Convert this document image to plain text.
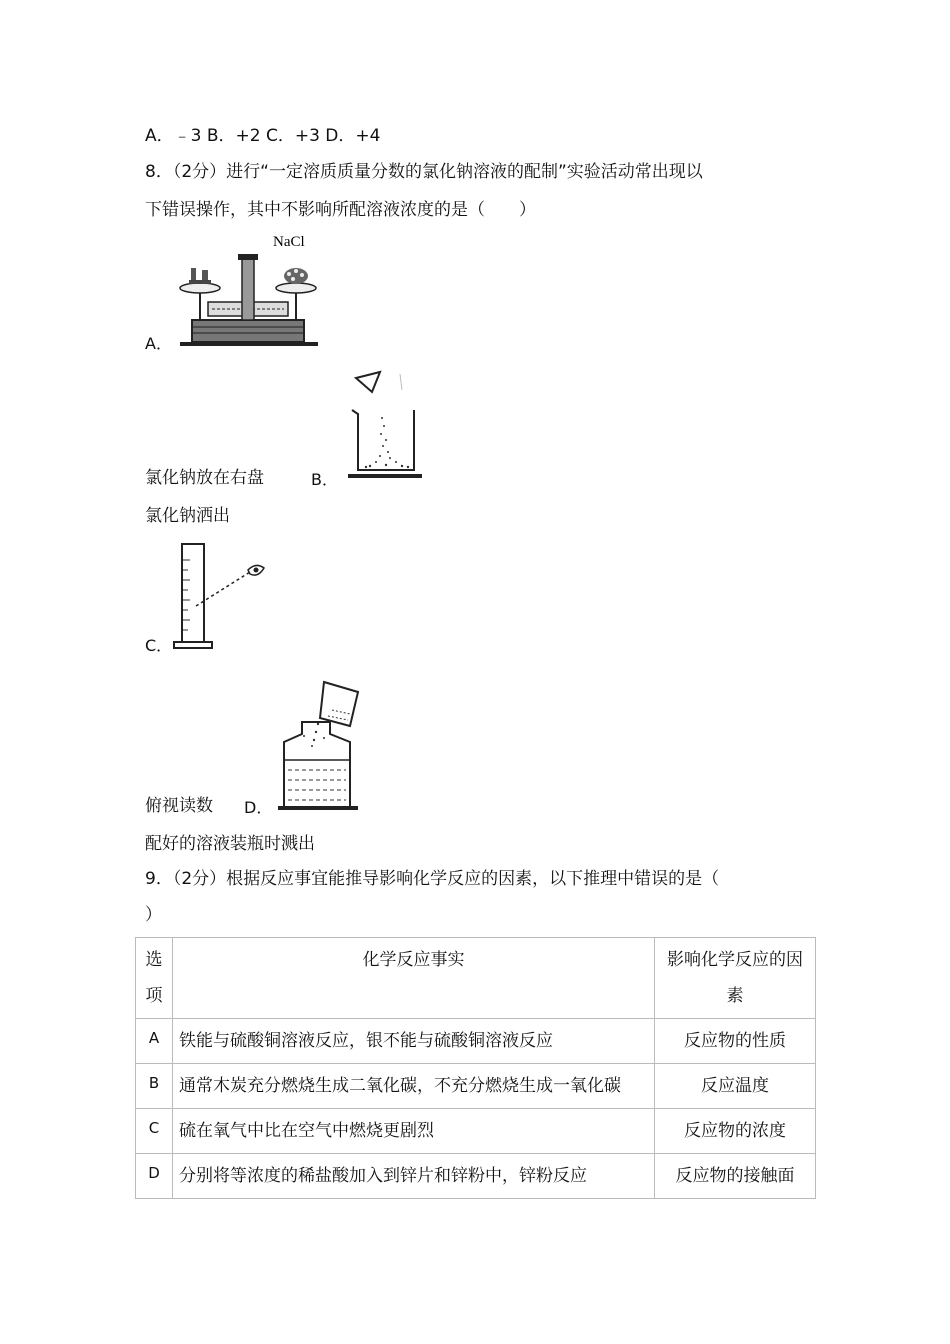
A．﹣3 B．+2 C．+3 D．+4
8．（2分）进行“一定溶质质量分数的氯化钠溶液的配制”实验活动常出现以
下错误操作，其中不影响所配溶液浓度的是（　　）
NaCl
A．
氯化钠放在右盘	B．
氯化钠洒出
C．
俯视读数 D．
配好的溶液装瓶时溅出
9．（2分）根据反应事宜能推导影响化学反应的因素，以下推理中错误的是（
）
选项	化学反应事实	影响化学反应的因素
A	铁能与硫酸铜溶液反应，银不能与硫酸铜溶液反应	反应物的性质
B	通常木炭充分燃烧生成二氧化碳，不充分燃烧生成一氧化碳	反应温度
C	硫在氧气中比在空气中燃烧更剧烈	反应物的浓度
D	分别将等浓度的稀盐酸加入到锌片和锌粉中，锌粉反应	反应物的接触面
